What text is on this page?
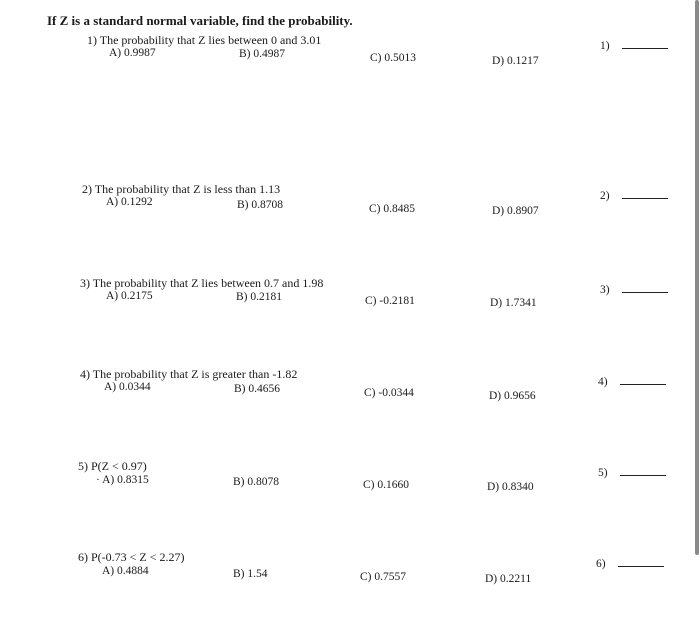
If Z is a standard normal variable, find the probability.
1) The probability that Z lies between 0 and 3.01
A) 0.9987	B) 0.4987	C) 0.5013	D) 0.1217
1)
2) The probability that Z is less than 1.13
A) 0.1292	B) 0.8708	C) 0.8485	D) 0.8907
2)
3) The probability that Z lies between 0.7 and 1.98
A) 0.2175	B) 0.2181	C) -0.2181	D) 1.7341
3)
4) The probability that Z is greater than -1.82
A) 0.0344	B) 0.4656	C) -0.0344	D) 0.9656
4)
5) P(Z < 0.97)
· A) 0.8315	B) 0.8078	C) 0.1660	D) 0.8340
5)
6) P(-0.73 < Z < 2.27)
A) 0.4884	B) 1.54	C) 0.7557	D) 0.2211
6)
